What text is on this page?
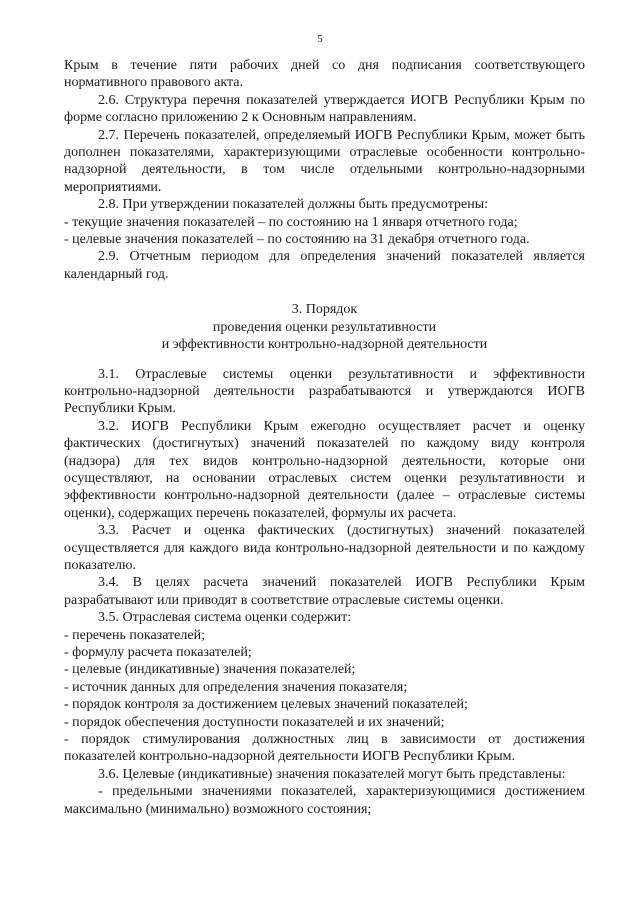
5

Крым в течение пяти рабочих дней со дня подписания соответствующего нормативного правового акта.

2.6. Структура перечня показателей утверждается ИОГВ Республики Крым по форме согласно приложению 2 к Основным направлениям.

2.7. Перечень показателей, определяемый ИОГВ Республики Крым, может быть дополнен показателями, характеризующими отраслевые особенности контрольно-надзорной деятельности, в том числе отдельными контрольно-надзорными мероприятиями.

2.8. При утверждении показателей должны быть предусмотрены:

- текущие значения показателей – по состоянию на 1 января отчетного года;

- целевые значения показателей – по состоянию на 31 декабря отчетного года.

2.9. Отчетным периодом для определения значений показателей является календарный год.

3. Порядок

проведения оценки результативности

и эффективности контрольно-надзорной деятельности

3.1. Отраслевые системы оценки результативности и эффективности контрольно-надзорной деятельности разрабатываются и утверждаются ИОГВ Республики Крым.

3.2. ИОГВ Республики Крым ежегодно осуществляет расчет и оценку фактических (достигнутых) значений показателей по каждому виду контроля (надзора) для тех видов контрольно-надзорной деятельности, которые они осуществляют, на основании отраслевых систем оценки результативности и эффективности контрольно-надзорной деятельности (далее – отраслевые системы оценки), содержащих перечень показателей, формулы их расчета.

3.3. Расчет и оценка фактических (достигнутых) значений показателей осуществляется для каждого вида контрольно-надзорной деятельности и по каждому показателю.

3.4. В целях расчета значений показателей ИОГВ Республики Крым разрабатывают или приводят в соответствие отраслевые системы оценки.

3.5. Отраслевая система оценки содержит:

- перечень показателей;

- формулу расчета показателей;

- целевые (индикативные) значения показателей;

- источник данных для определения значения показателя;

- порядок контроля за достижением целевых значений показателей;

- порядок обеспечения доступности показателей и их значений;

- порядок стимулирования должностных лиц в зависимости от достижения показателей контрольно-надзорной деятельности ИОГВ Республики Крым.

3.6. Целевые (индикативные) значения показателей могут быть представлены:

- предельными значениями показателей, характеризующимися достижением максимально (минимально) возможного состояния;
